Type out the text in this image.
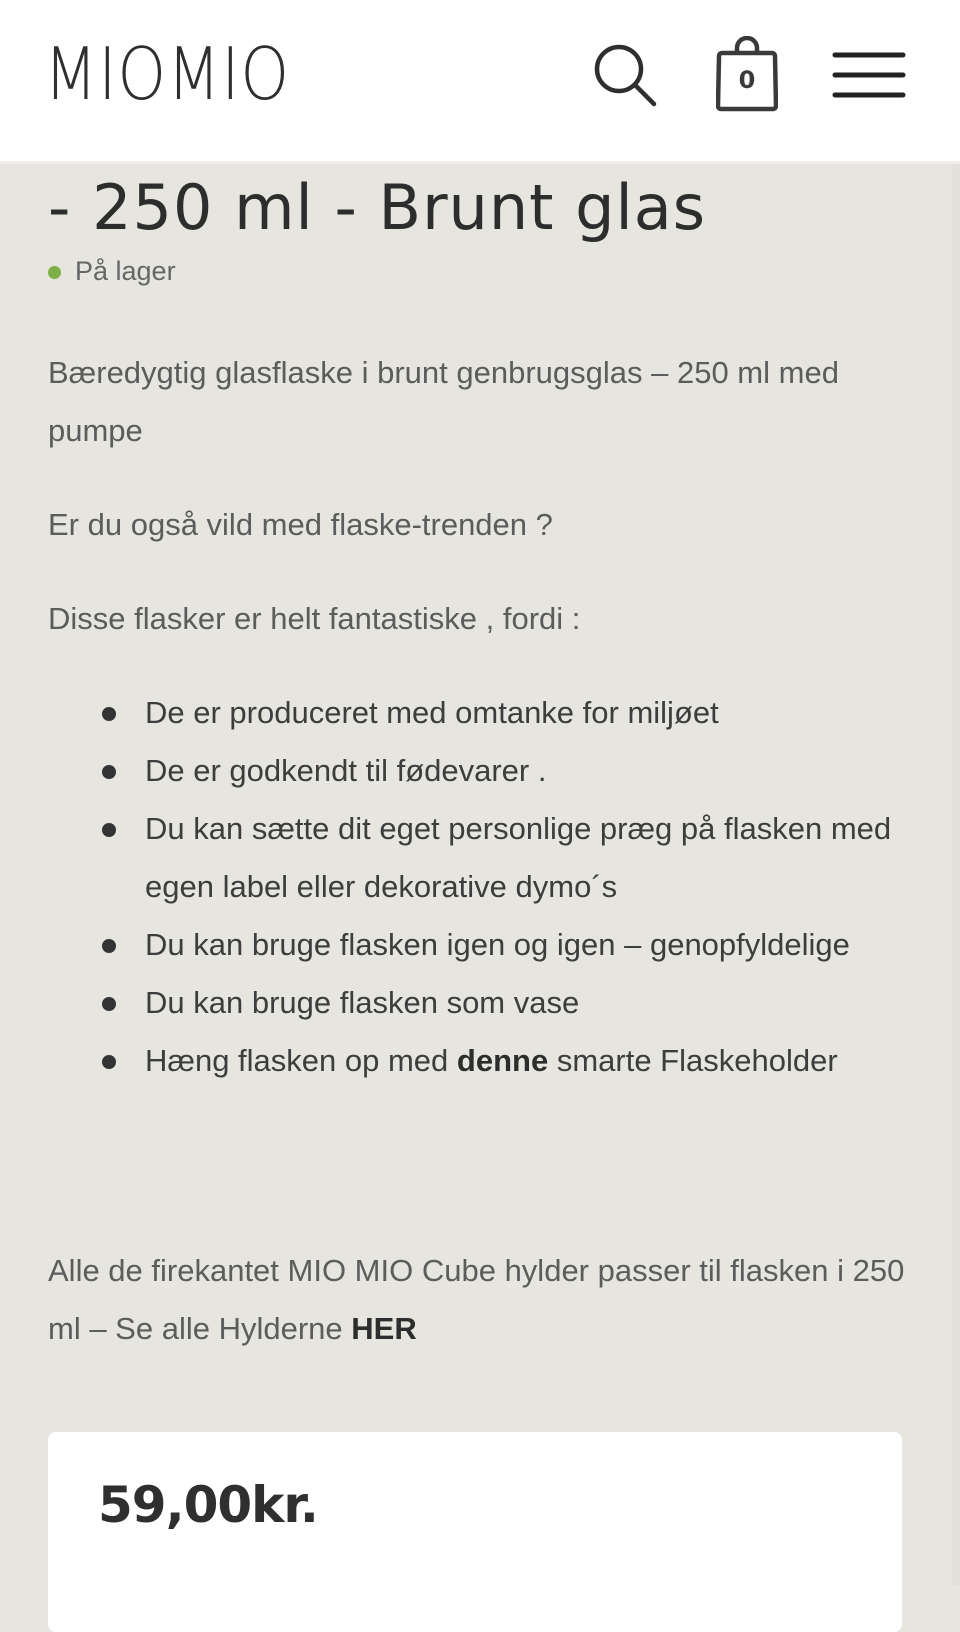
MIOMIO	0
- 250 ml - Brunt glas
På lager

Bæredygtig glasflaske i brunt genbrugsglas – 250 ml med pumpe

Er du også vild med flaske-trenden ?

Disse flasker er helt fantastiske , fordi :

De er produceret med omtanke for miljøet
De er godkendt til fødevarer .
Du kan sætte dit eget personlige præg på flasken med egen label eller dekorative dymo´s
Du kan bruge flasken igen og igen – genopfyldelige
Du kan bruge flasken som vase
Hæng flasken op med denne smarte Flaskeholder

Alle de firekantet MIO MIO Cube hylder passer til flasken i 250 ml – Se alle Hylderne HER

59,00kr.
